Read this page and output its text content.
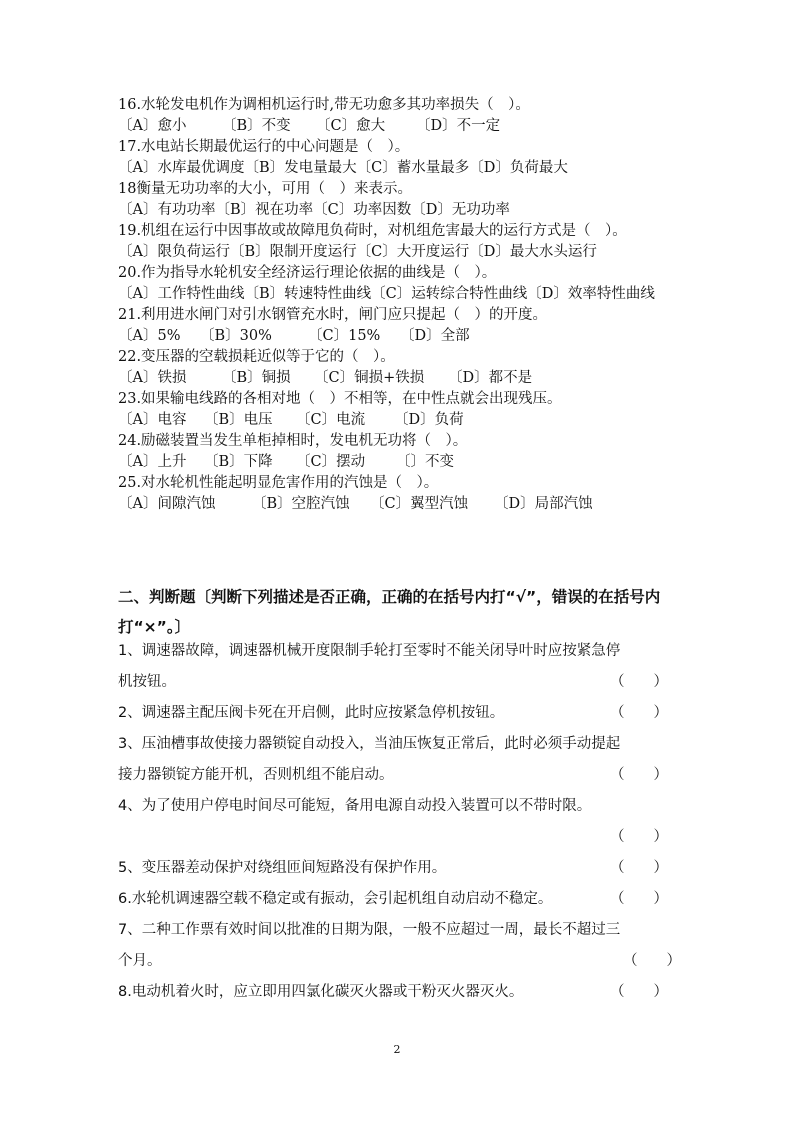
16.水轮发电机作为调相机运行时,带无功愈多其功率损失（　）。
〔A〕愈小 〔B〕不变 〔C〕愈大 〔D〕不一定
17.水电站长期最优运行的中心问题是（　）。
〔A〕水库最优调度〔B〕发电量最大〔C〕蓄水量最多〔D〕负荷最大
18衡量无功功率的大小，可用（　）来表示。
〔A〕有功功率〔B〕视在功率〔C〕功率因数〔D〕无功功率
19.机组在运行中因事故或故障甩负荷时，对机组危害最大的运行方式是（　）。
〔A〕限负荷运行〔B〕限制开度运行〔C〕大开度运行〔D〕最大水头运行
20.作为指导水轮机安全经济运行理论依据的曲线是（　）。
〔A〕工作特性曲线〔B〕转速特性曲线〔C〕运转综合特性曲线〔D〕效率特性曲线
21.利用进水闸门对引水钢管充水时，闸门应只提起（　）的开度。
〔A〕5% 〔B〕30% 〔C〕15% 〔D〕全部
22.变压器的空载损耗近似等于它的（　）。
〔A〕铁损 〔B〕铜损 〔C〕铜损+铁损 〔D〕都不是
23.如果输电线路的各相对地（　）不相等，在中性点就会出现残压。
〔A〕电容 〔B〕电压 〔C〕电流 〔D〕负荷
24.励磁装置当发生单柜掉相时，发电机无功将（　）。
〔A〕上升 〔B〕下降 〔C〕摆动 〔〕不变
25.对水轮机性能起明显危害作用的汽蚀是（　）。
〔A〕间隙汽蚀	〔B〕空腔汽蚀 〔C〕翼型汽蚀 〔D〕局部汽蚀
二、判断题〔判断下列描述是否正确，正确的在括号内打“√”，错误的在括号内打“×”。〕
1、调速器故障，调速器机械开度限制手轮打至零时不能关闭导叶时应按紧急停
机按钮。	（　　）
2、调速器主配压阀卡死在开启侧，此时应按紧急停机按钮。	（　　）
3、压油槽事故使接力器锁锭自动投入，当油压恢复正常后，此时必须手动提起
接力器锁锭方能开机，否则机组不能启动。	（　　）
4、为了使用户停电时间尽可能短，备用电源自动投入装置可以不带时限。
（　　）
5、变压器差动保护对绕组匝间短路没有保护作用。	（　　）
6.水轮机调速器空载不稳定或有振动，会引起机组自动启动不稳定。	（　　）
7、二种工作票有效时间以批准的日期为限，一般不应超过一周，最长不超过三
个月。	（　　）
8.电动机着火时，应立即用四氯化碳灭火器或干粉灭火器灭火。	（　　）
2
